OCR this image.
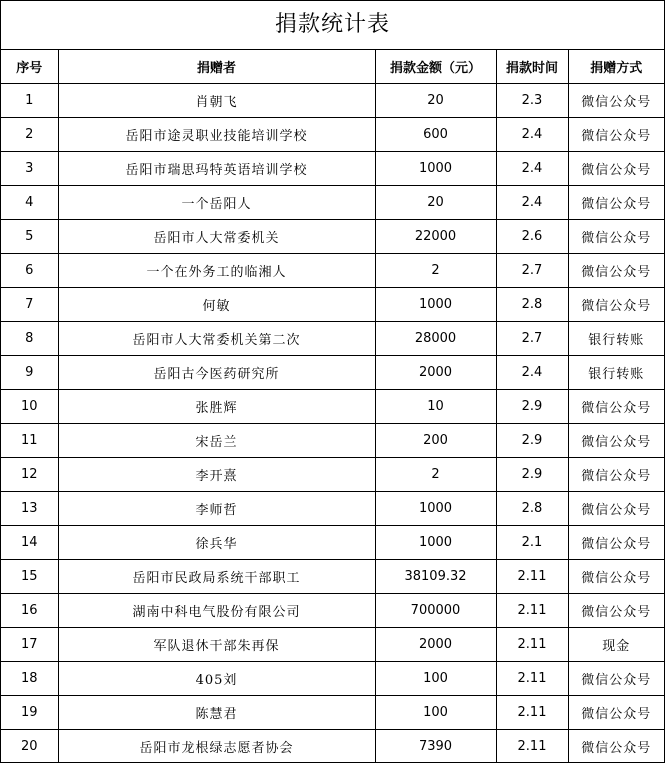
捐款统计表
序号	捐赠者	捐款金额（元）	捐款时间	捐赠方式
1	肖朝飞	20	2.3	微信公众号
2	岳阳市途灵职业技能培训学校	600	2.4	微信公众号
3	岳阳市瑞思玛特英语培训学校	1000	2.4	微信公众号
4	一个岳阳人	20	2.4	微信公众号
5	岳阳市人大常委机关	22000	2.6	微信公众号
6	一个在外务工的临湘人	2	2.7	微信公众号
7	何敏	1000	2.8	微信公众号
8	岳阳市人大常委机关第二次	28000	2.7	银行转账
9	岳阳古今医药研究所	2000	2.4	银行转账
10	张胜辉	10	2.9	微信公众号
11	宋岳兰	200	2.9	微信公众号
12	李开熹	2	2.9	微信公众号
13	李师哲	1000	2.8	微信公众号
14	徐兵华	1000	2.1	微信公众号
15	岳阳市民政局系统干部职工	38109.32	2.11	微信公众号
16	湖南中科电气股份有限公司	700000	2.11	微信公众号
17	军队退休干部朱再保	2000	2.11	现金
18	405刘	100	2.11	微信公众号
19	陈慧君	100	2.11	微信公众号
20	岳阳市龙根绿志愿者协会	7390	2.11	微信公众号
